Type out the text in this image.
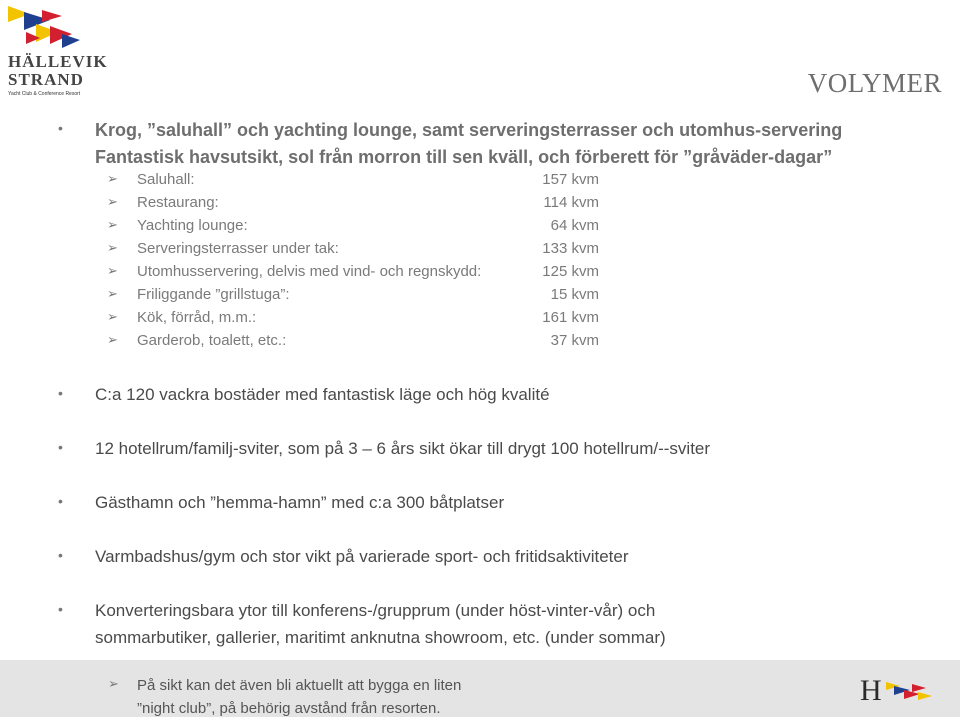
HÄLLEVIK
STRAND
Yacht Club & Conference Resort	VOLYMER
• Krog, ”saluhall” och yachting lounge, samt serveringsterrasser och utomhus-servering
Fantastisk havsutsikt, sol från morron till sen kväll, och förberett för ”gråväder-dagar”
➢ Saluhall:	157 kvm
➢ Restaurang:	114 kvm
➢ Yachting lounge:	64 kvm
➢ Serveringsterrasser under tak:	133 kvm
➢ Utomhusservering, delvis med vind- och regnskydd:	125 kvm
➢ Friliggande ”grillstuga”:	15 kvm
➢ Kök, förråd, m.m.:	161 kvm
➢ Garderob, toalett, etc.:	37 kvm
• C:a 120 vackra bostäder med fantastisk läge och hög kvalité
• 12 hotellrum/familj-sviter, som på 3 – 6 års sikt ökar till drygt 100 hotellrum/--sviter
• Gästhamn och ”hemma-hamn” med c:a 300 båtplatser
• Varmbadshus/gym och stor vikt på varierade sport- och fritidsaktiviteter
• Konverteringsbara ytor till konferens-/grupprum (under höst-vinter-vår) och
sommarbutiker, gallerier, maritimt anknutna showroom, etc. (under sommar)
➢ På sikt kan det även bli aktuellt att bygga en liten
”night club”, på behörig avstånd från resorten.
H
